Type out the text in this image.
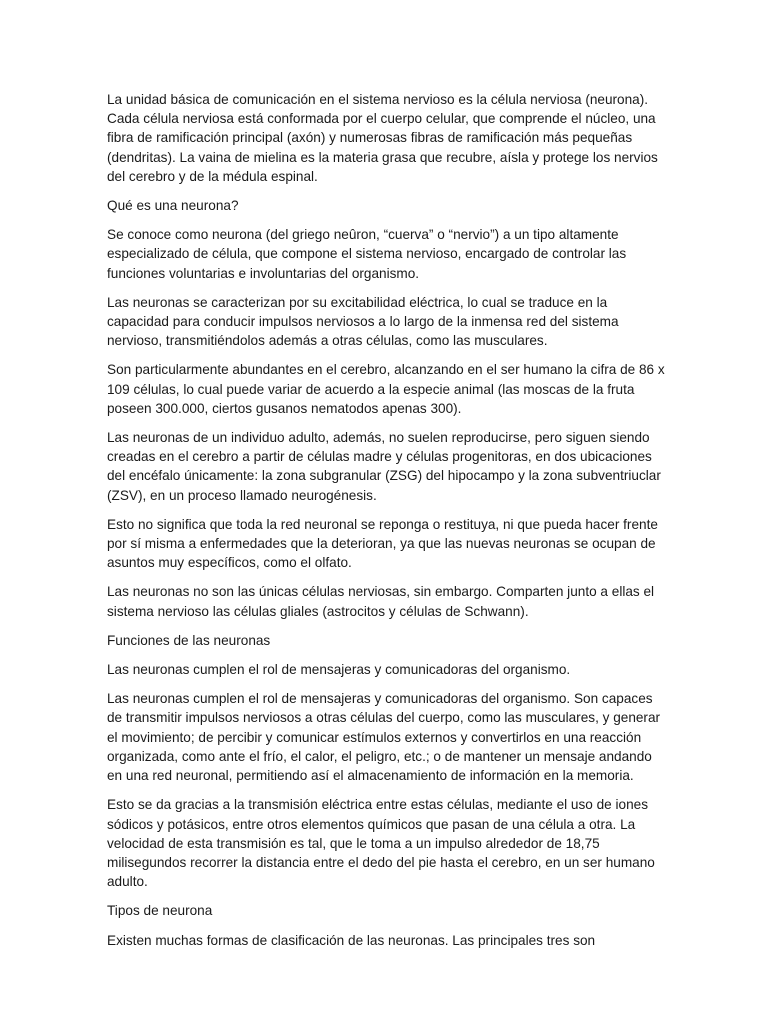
La unidad básica de comunicación en el sistema nervioso es la célula nerviosa (neurona). Cada célula nerviosa está conformada por el cuerpo celular, que comprende el núcleo, una fibra de ramificación principal (axón) y numerosas fibras de ramificación más pequeñas (dendritas). La vaina de mielina es la materia grasa que recubre, aísla y protege los nervios del cerebro y de la médula espinal.

Qué es una neurona?

Se conoce como neurona (del griego neûron, “cuerva” o “nervio”) a un tipo altamente especializado de célula, que compone el sistema nervioso, encargado de controlar las funciones voluntarias e involuntarias del organismo.

Las neuronas se caracterizan por su excitabilidad eléctrica, lo cual se traduce en la capacidad para conducir impulsos nerviosos a lo largo de la inmensa red del sistema nervioso, transmitiéndolos además a otras células, como las musculares.

Son particularmente abundantes en el cerebro, alcanzando en el ser humano la cifra de 86 x 109 células, lo cual puede variar de acuerdo a la especie animal (las moscas de la fruta poseen 300.000, ciertos gusanos nematodos apenas 300).

Las neuronas de un individuo adulto, además, no suelen reproducirse, pero siguen siendo creadas en el cerebro a partir de células madre y células progenitoras, en dos ubicaciones del encéfalo únicamente: la zona subgranular (ZSG) del hipocampo y la zona subventriuclar (ZSV), en un proceso llamado neurogénesis.

Esto no significa que toda la red neuronal se reponga o restituya, ni que pueda hacer frente por sí misma a enfermedades que la deterioran, ya que las nuevas neuronas se ocupan de asuntos muy específicos, como el olfato.

Las neuronas no son las únicas células nerviosas, sin embargo. Comparten junto a ellas el sistema nervioso las células gliales (astrocitos y células de Schwann).

Funciones de las neuronas

Las neuronas cumplen el rol de mensajeras y comunicadoras del organismo.

Las neuronas cumplen el rol de mensajeras y comunicadoras del organismo. Son capaces de transmitir impulsos nerviosos a otras células del cuerpo, como las musculares, y generar el movimiento; de percibir y comunicar estímulos externos y convertirlos en una reacción organizada, como ante el frío, el calor, el peligro, etc.; o de mantener un mensaje andando en una red neuronal, permitiendo así el almacenamiento de información en la memoria.

Esto se da gracias a la transmisión eléctrica entre estas células, mediante el uso de iones sódicos y potásicos, entre otros elementos químicos que pasan de una célula a otra. La velocidad de esta transmisión es tal, que le toma a un impulso alrededor de 18,75 milisegundos recorrer la distancia entre el dedo del pie hasta el cerebro, en un ser humano adulto.

Tipos de neurona

Existen muchas formas de clasificación de las neuronas. Las principales tres son
